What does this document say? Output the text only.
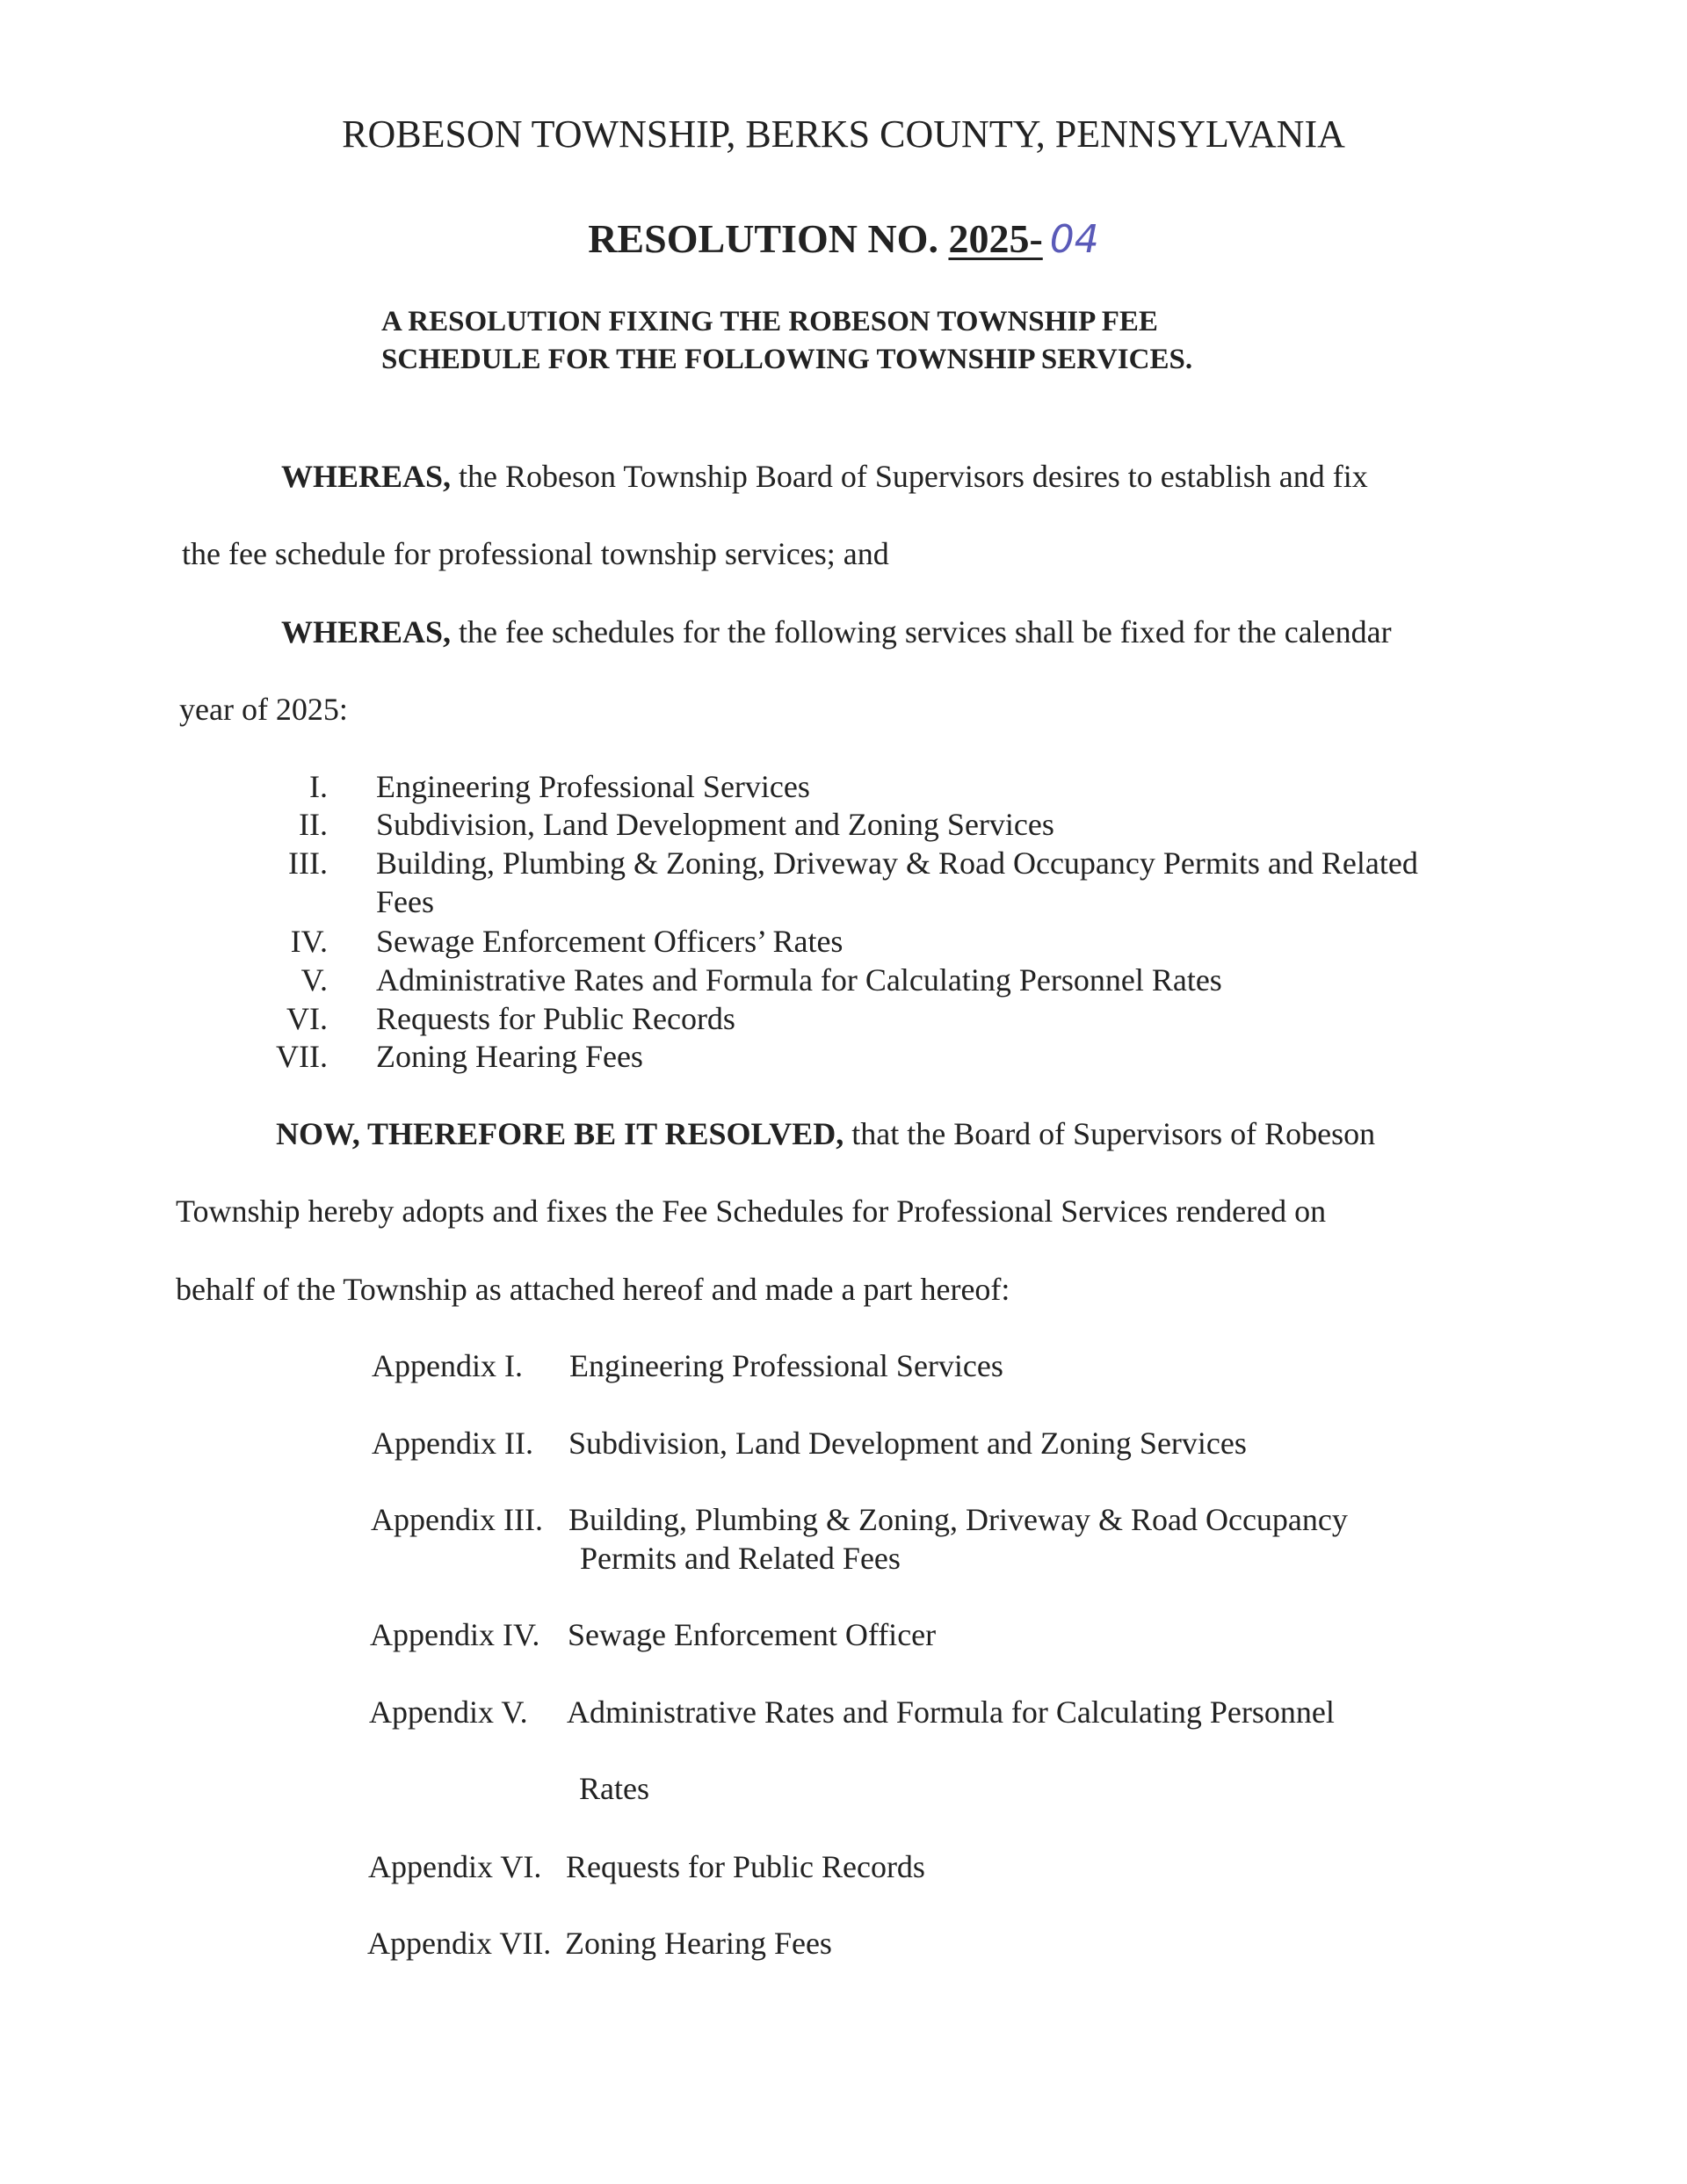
ROBESON TOWNSHIP, BERKS COUNTY, PENNSYLVANIA
RESOLUTION NO. 2025- 04
A RESOLUTION FIXING THE ROBESON TOWNSHIP FEE
SCHEDULE FOR THE FOLLOWING TOWNSHIP SERVICES.
WHEREAS, the Robeson Township Board of Supervisors desires to establish and fix
the fee schedule for professional township services; and
WHEREAS, the fee schedules for the following services shall be fixed for the calendar
year of 2025:
I. Engineering Professional Services
II. Subdivision, Land Development and Zoning Services
III. Building, Plumbing & Zoning, Driveway & Road Occupancy Permits and Related
Fees
IV. Sewage Enforcement Officers’ Rates
V. Administrative Rates and Formula for Calculating Personnel Rates
VI. Requests for Public Records
VII. Zoning Hearing Fees
NOW, THEREFORE BE IT RESOLVED, that the Board of Supervisors of Robeson
Township hereby adopts and fixes the Fee Schedules for Professional Services rendered on
behalf of the Township as attached hereof and made a part hereof:
Appendix I. Engineering Professional Services
Appendix II. Subdivision, Land Development and Zoning Services
Appendix III. Building, Plumbing & Zoning, Driveway & Road Occupancy
Permits and Related Fees
Appendix IV. Sewage Enforcement Officer
Appendix V. Administrative Rates and Formula for Calculating Personnel
Rates
Appendix VI. Requests for Public Records
Appendix VII. Zoning Hearing Fees
